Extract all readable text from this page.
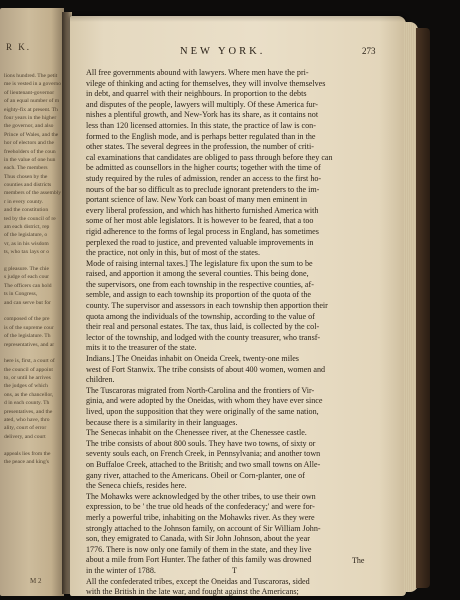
R K.
lions hundred. The petit
me is vested in a governo
of lieutenant-governor
of an equal number of m
eighty-fix at present. Th
four years in the higher
the governor, and also
Prince of Wales, and the
hor of electors and the
freeholders of the coun
in the value of one hun
each. The members
Thus chosen by the
counties and districts
members of the assembly
r in every county.
and the constitution
ted by the council of re
am each district, rep
of the legislature, o
vr, as in his wisdom
ts, who tax lays or o
g pleasure. The chie
s judge of each cour
The officers can hold
ts in Congress,
and can serve but for
composed of the pre
is of the supreme cour
of the legislature. Th
representatives, and ar
here is, first, a court of
the council of appoint
to, or until he arrives
the judges of which
ons, as the chancellor,
d in each county. Th
presentatives, and the
ated, who have, thro
ality, court of error
delivery, and court
appeals lies from the
the peace and king's
M 2
NEW YORK.	273
All free governments abound with lawyers. Where men have the pri-
vilege of thinking and acting for themselves, they will involve themselves
in debt, and quarrel with their neighbours. In proportion to the debts
and disputes of the people, lawyers will multiply. Of these America fur-
nishes a plentiful growth, and New-York has its share, as it contains not
less than 120 licensed attornies. In this state, the practice of law is con-
formed to the English mode, and is perhaps better regulated than in the
other states. The several degrees in the profession, the number of criti-
cal examinations that candidates are obliged to pass through before they can
be admitted as counsellors in the higher courts; together with the time of
study required by the rules of admission, render an access to the first ho-
nours of the bar so difficult as to preclude ignorant pretenders to the im-
portant science of law. New York can boast of many men eminent in
every liberal profession, and which has hitherto furnished America with
some of her most able legislators. It is however to be feared, that a too
rigid adherence to the forms of legal process in England, has sometimes
perplexed the road to justice, and prevented valuable improvements in
the practice, not only in this, but of most of the states.
Mode of raising internal taxes.] The legislature fix upon the sum to be
raised, and apportion it among the several counties. This being done,
the supervisors, one from each township in the respective counties, af-
semble, and assign to each township its proportion of the quota of the
county. The supervisor and assessors in each township then apportion their
quota among the individuals of the township, according to the value of
their real and personal estates. The tax, thus laid, is collected by the col-
lector of the township, and lodged with the county treasurer, who transf-
mits it to the treasurer of the state.
Indians.] The Oneidas inhabit on Oneida Creek, twenty-one miles
west of Fort Stanwix. The tribe consists of about 400 women, women and
children.
The Tuscaroras migrated from North-Carolina and the frontiers of Vir-
ginia, and were adopted by the Oneidas, with whom they have ever since
lived, upon the supposition that they were originally of the same nation,
because there is a similarity in their languages.
The Senecas inhabit on the Chenessee river, at the Chenessee castle.
The tribe consists of about 800 souls. They have two towns, of sixty or
seventy souls each, on French Creek, in Pennsylvania; and another town
on Buffaloe Creek, attached to the British; and two small towns on Alle-
gany river, attached to the Americans. Obeil or Corn-planter, one of
the Seneca chiefs, resides here.
The Mohawks were acknowledged by the other tribes, to use their own
expression, to be ' the true old heads of the confederacy;' and were for-
merly a powerful tribe, inhabiting on the Mohawks river. As they were
strongly attached to the Johnson family, on account of Sir William John-
son, they emigrated to Canada, with Sir John Johnson, about the year
1776. There is now only one family of them in the state, and they live
about a mile from Fort Hunter. The father of this family was drowned
in the winter of 1788.
All the confederated tribes, except the Oneidas and Tuscaroras, sided
with the British in the late war, and fought against the Americans;
T
The
